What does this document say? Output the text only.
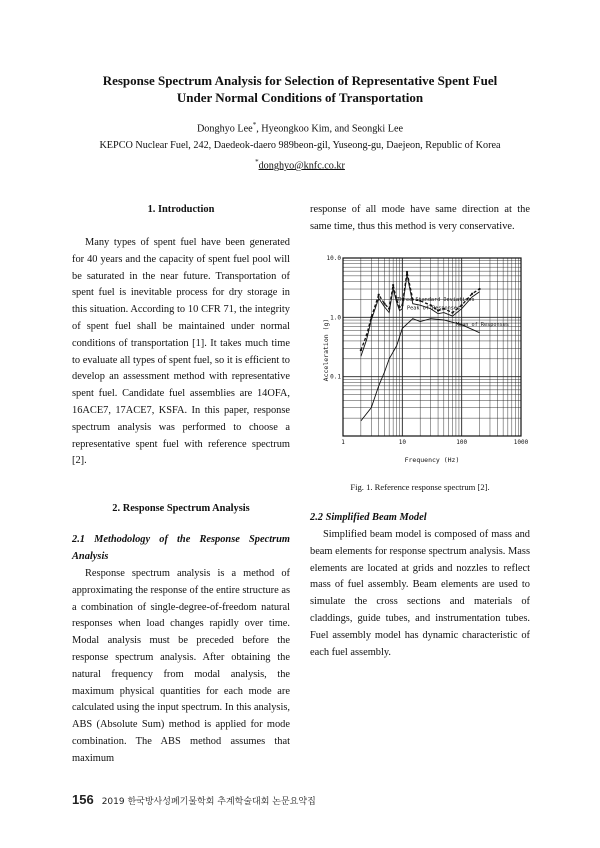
Response Spectrum Analysis for Selection of Representative Spent Fuel
Under Normal Conditions of Transportation
Donghyo Lee*, Hyeongkoo Kim, and Seongki Lee
KEPCO Nuclear Fuel, 242, Daedeok-daero 989beon-gil, Yuseong-gu, Daejeon, Republic of Korea
*donghyo@knfc.co.kr
1. Introduction
Many types of spent fuel have been generated for 40 years and the capacity of spent fuel pool will be saturated in the near future. Transportation of spent fuel is inevitable process for dry storage in this situation. According to 10 CFR 71, the integrity of spent fuel shall be maintained under normal conditions of transportation [1]. It takes much time to evaluate all types of spent fuel, so it is efficient to develop an assessment method with representative spent fuel. Candidate fuel assemblies are 14OFA, 16ACE7, 17ACE7, KSFA. In this paper, response spectrum analysis was performed to choose a representative spent fuel with reference spectrum [2].
2. Response Spectrum Analysis
2.1 Methodology of the Response Spectrum Analysis
Response spectrum analysis is a method of approximating the response of the entire structure as a combination of single-degree-of-freedom natural responses when load changes rapidly over time. Modal analysis must be preceded before the response spectrum analysis. After obtaining the natural frequency from modal analysis, the maximum physical quantities for each mode are calculated using the input spectrum. In this analysis, ABS (Absolute Sum) method is applied for mode combination. The ABS method assumes that maximum
response of all mode have same direction at the same time, thus this method is very conservative.
1	10	100	1000
10.0
1.0
0.1
Three Standard Deviations
Peak of Responses
Mean of Responses
Frequency (Hz)
Acceleration (g)
Fig. 1. Reference response spectrum [2].
2.2 Simplified Beam Model
Simplified beam model is composed of mass and beam elements for response spectrum analysis. Mass elements are located at grids and nozzles to reflect mass of fuel assembly. Beam elements are used to simulate the cross sections and materials of claddings, guide tubes, and instrumentation tubes. Fuel assembly model has dynamic characteristic of each fuel assembly.
156 2019 한국방사성폐기물학회 추계학술대회 논문요약집
